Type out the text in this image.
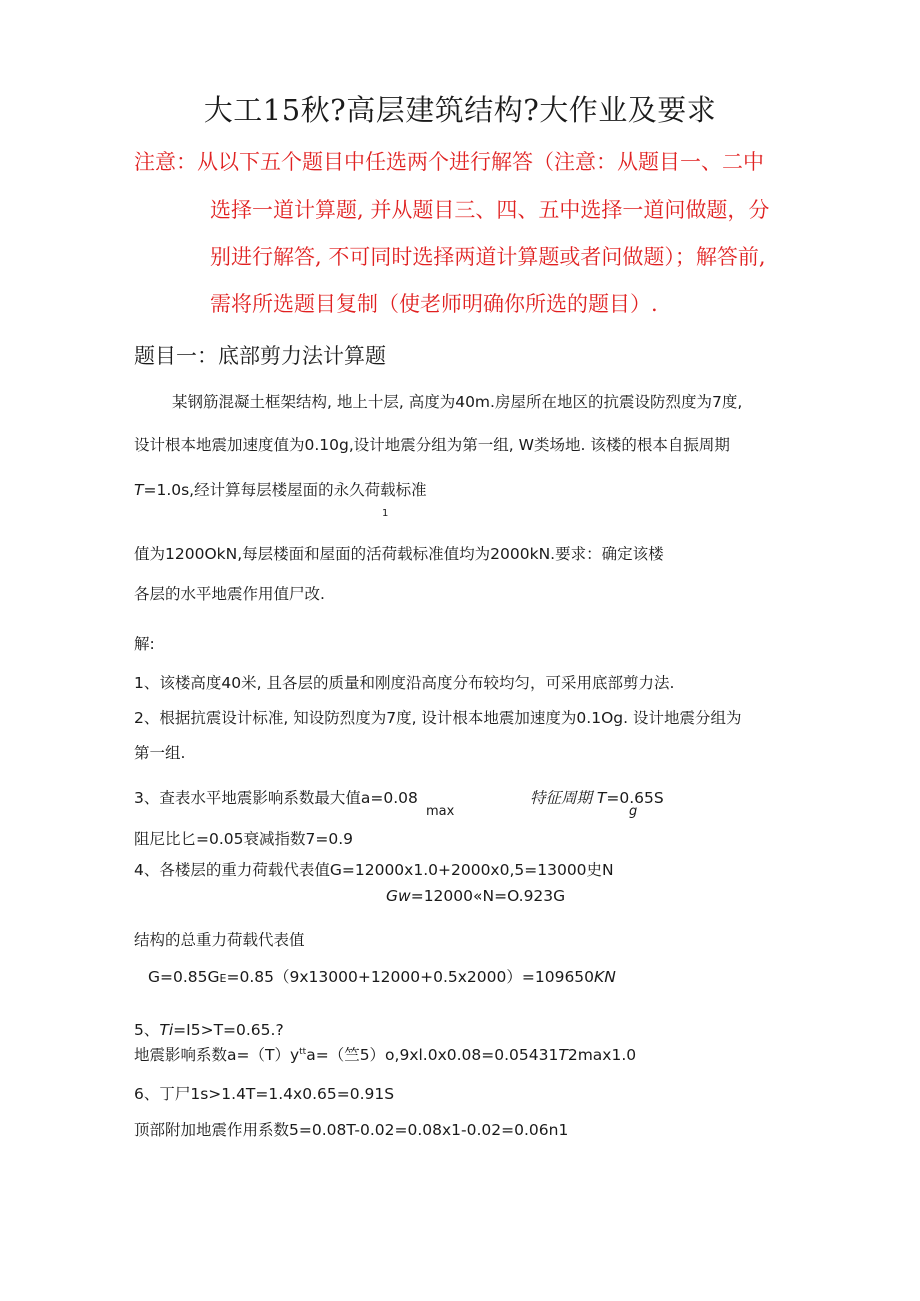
大工15秋?高层建筑结构?大作业及要求
注意：从以下五个题目中任选两个进行解答（注意：从题目一、二中
选择一道计算题, 并从题目三、四、五中选择一道问做题，分
别进行解答, 不可同时选择两道计算题或者问做题）；解答前,
需将所选题目复制（使老师明确你所选的题目）.
题目一：底部剪力法计算题
某钢筋混凝土框架结构, 地上十层, 高度为40m.房屋所在地区的抗震设防烈度为7度,
设计根本地震加速度值为0.10g,设计地震分组为第一组, W类场地. 该楼的根本自振周期
T=1.0s,经计算每层楼屋面的永久荷载标准
1
值为1200OkN,每层楼面和屋面的活荷载标准值均为2000kN.要求：确定该楼
各层的水平地震作用值尸改.
解:
1、该楼高度40米, 且各层的质量和刚度沿高度分布较均匀，可采用底部剪力法.
2、根据抗震设计标准, 知设防烈度为7度, 设计根本地震加速度为0.1Og. 设计地震分组为
第一组.
3、查表水平地震影响系数最大值a=0.08
max
特征周期 T=0.65S
g
阻尼比匕=0.05衰减指数7=0.9
4、各楼层的重力荷载代表值G=12000x1.0+2000x0,5=13000史N
Gw=12000«N=O.923G
结构的总重力荷载代表值
G=0.85GE=0.85（9x13000+12000+0.5x2000）=109650KN
5、Ti=I5>T=0.65.?
地震影响系数$a=(T)y^{tt}a=$（竺5）o,9xl.0x0.08=0.05431T2max1.0
6、丁尸1s>1.4T=1.4x0.65=0.91S
顶部附加地震作用系数5=0.08T-0.02=0.08x1-0.02=0.06n1
